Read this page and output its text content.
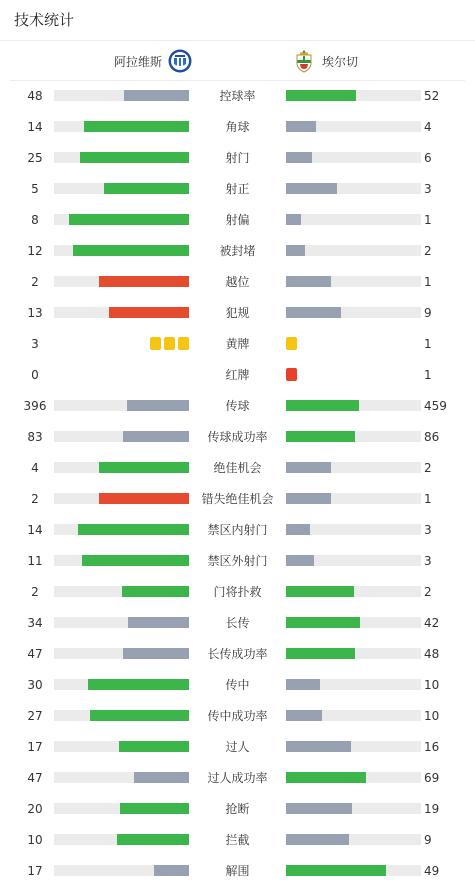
技术统计
阿拉维斯	埃尔切
48	控球率	52
14	角球	4
25	射门	6
5	射正	3
8	射偏	1
12	被封堵	2
2	越位	1
13	犯规	9
3	黄牌	1
0	红牌	1
396	传球	459
83	传球成功率	86
4	绝佳机会	2
2	错失绝佳机会	1
14	禁区内射门	3
11	禁区外射门	3
2	门将扑救	2
34	长传	42
47	长传成功率	48
30	传中	10
27	传中成功率	10
17	过人	16
47	过人成功率	69
20	抢断	19
10	拦截	9
17	解围	49
